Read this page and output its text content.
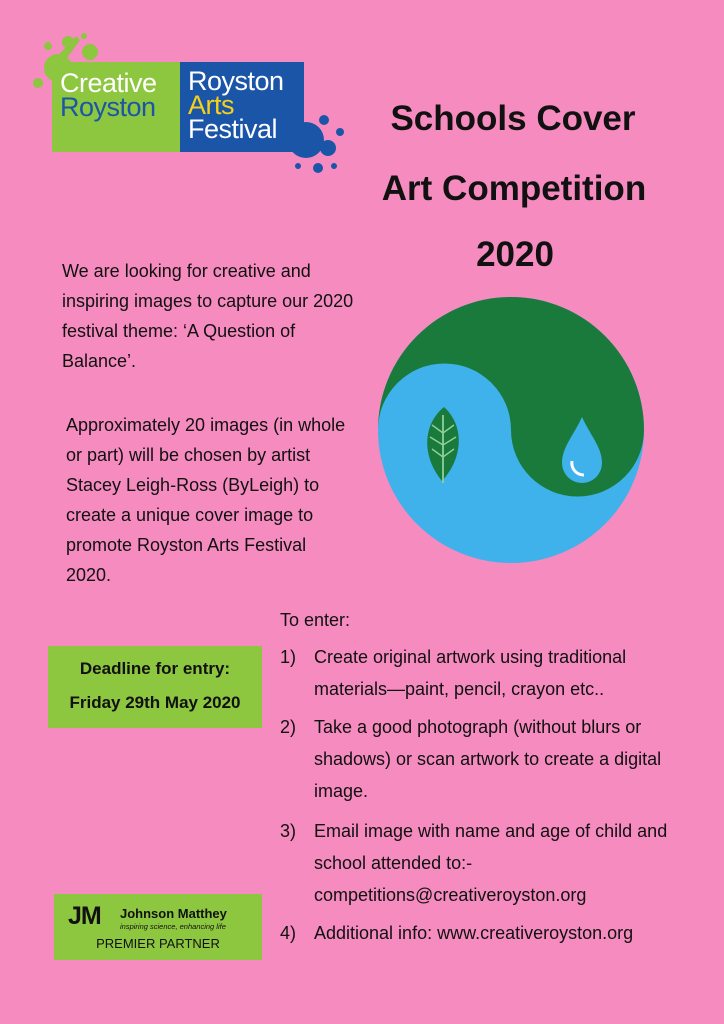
Creative
Royston
Royston
Arts
Festival	Schools Cover
Art Competition
2020
We are looking for creative and inspiring images to capture our 2020 festival theme: ‘A Question of Balance’.
Approximately 20 images (in whole or part) will be chosen by artist Stacey Leigh-Ross (ByLeigh) to create a unique cover image to promote Royston Arts Festival 2020.
Deadline for entry:
Friday 29th May 2020
To enter:
1) Create original artwork using traditional materials—paint, pencil, crayon etc..
2) Take a good photograph (without blurs or shadows) or scan artwork to create a digital image.
3) Email image with name and age of child and school attended to:- competitions@creativeroyston.org
4) Additional info: www.creativeroyston.org
JM Johnson Matthey
inspiring science, enhancing life
PREMIER PARTNER
